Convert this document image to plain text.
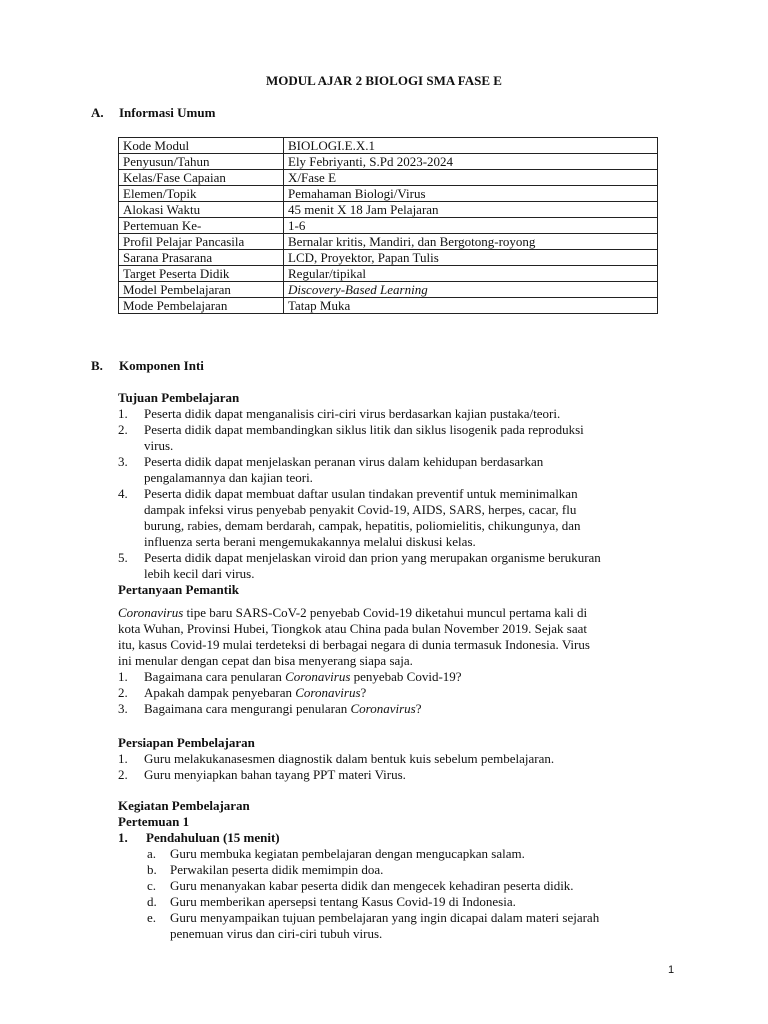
MODUL AJAR 2 BIOLOGI SMA FASE E
A. Informasi Umum
Kode Modul	BIOLOGI.E.X.1
Penyusun/Tahun	Ely Febriyanti, S.Pd 2023-2024
Kelas/Fase Capaian	X/Fase E
Elemen/Topik	Pemahaman Biologi/Virus
Alokasi Waktu	45 menit X 18 Jam Pelajaran
Pertemuan Ke-	1-6
Profil Pelajar Pancasila	Bernalar kritis, Mandiri, dan Bergotong-royong
Sarana Prasarana	LCD, Proyektor, Papan Tulis
Target Peserta Didik	Regular/tipikal
Model Pembelajaran	Discovery-Based Learning
Mode Pembelajaran	Tatap Muka
B. Komponen Inti
Tujuan Pembelajaran
1. Peserta didik dapat menganalisis ciri-ciri virus berdasarkan kajian pustaka/teori.
2. Peserta didik dapat membandingkan siklus litik dan siklus lisogenik pada reproduksi
virus.
3. Peserta didik dapat menjelaskan peranan virus dalam kehidupan berdasarkan
pengalamannya dan kajian teori.
4. Peserta didik dapat membuat daftar usulan tindakan preventif untuk meminimalkan
dampak infeksi virus penyebab penyakit Covid-19, AIDS, SARS, herpes, cacar, flu
burung, rabies, demam berdarah, campak, hepatitis, poliomielitis, chikungunya, dan
influenza serta berani mengemukakannya melalui diskusi kelas.
5. Peserta didik dapat menjelaskan viroid dan prion yang merupakan organisme berukuran
lebih kecil dari virus.
Pertanyaan Pemantik
Coronavirus tipe baru SARS-CoV-2 penyebab Covid-19 diketahui muncul pertama kali di
kota Wuhan, Provinsi Hubei, Tiongkok atau China pada bulan November 2019. Sejak saat
itu, kasus Covid-19 mulai terdeteksi di berbagai negara di dunia termasuk Indonesia. Virus
ini menular dengan cepat dan bisa menyerang siapa saja.
1. Bagaimana cara penularan Coronavirus penyebab Covid-19?
2. Apakah dampak penyebaran Coronavirus?
3. Bagaimana cara mengurangi penularan Coronavirus?
Persiapan Pembelajaran
1. Guru melakukanasesmen diagnostik dalam bentuk kuis sebelum pembelajaran.
2. Guru menyiapkan bahan tayang PPT materi Virus.
Kegiatan Pembelajaran
Pertemuan 1
1. Pendahuluan (15 menit)
a. Guru membuka kegiatan pembelajaran dengan mengucapkan salam.
b. Perwakilan peserta didik memimpin doa.
c. Guru menanyakan kabar peserta didik dan mengecek kehadiran peserta didik.
d. Guru memberikan apersepsi tentang Kasus Covid-19 di Indonesia.
e. Guru menyampaikan tujuan pembelajaran yang ingin dicapai dalam materi sejarah
penemuan virus dan ciri-ciri tubuh virus.
1
